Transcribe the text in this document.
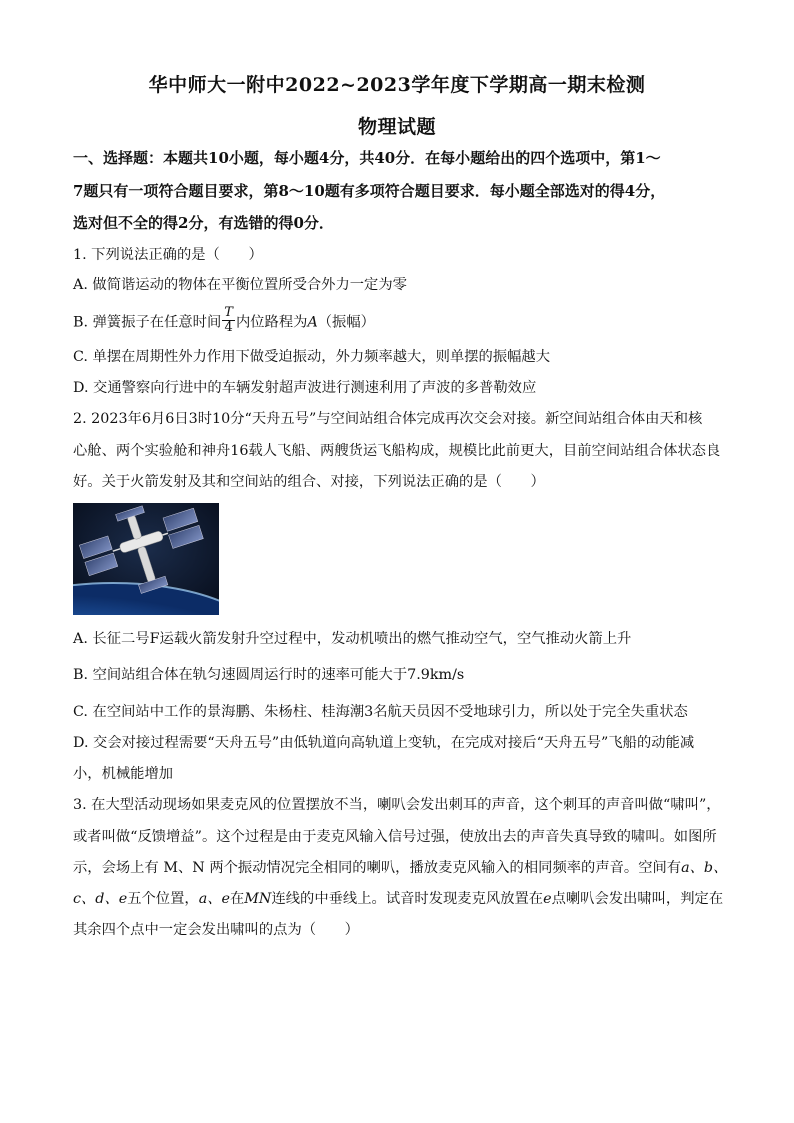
华中师大一附中2022~2023学年度下学期高一期末检测
物理试题
一、选择题：本题共10小题，每小题4分，共40分．在每小题给出的四个选项中，第1～
7题只有一项符合题目要求，第8～10题有多项符合题目要求．每小题全部选对的得4分，
选对但不全的得2分，有选错的得0分．
1. 下列说法正确的是（　　）
A. 做简谐运动的物体在平衡位置所受合外力一定为零
B. 弹簧振子在任意时间 $\frac{T}{4}$ 内位路程为A（振幅）
C. 单摆在周期性外力作用下做受迫振动，外力频率越大，则单摆的振幅越大
D. 交通警察向行进中的车辆发射超声波进行测速利用了声波的多普勒效应
2. 2023年6月6日3时10分“天舟五号”与空间站组合体完成再次交会对接。新空间站组合体由天和核
心舱、两个实验舱和神舟16载人飞船、两艘货运飞船构成，规模比此前更大，目前空间站组合体状态良
好。关于火箭发射及其和空间站的组合、对接，下列说法正确的是（　　）
A. 长征二号F运载火箭发射升空过程中，发动机喷出的燃气推动空气，空气推动火箭上升
B. 空间站组合体在轨匀速圆周运行时的速率可能大于7.9km/s
C. 在空间站中工作的景海鹏、朱杨柱、桂海潮3名航天员因不受地球引力，所以处于完全失重状态
D. 交会对接过程需要“天舟五号”由低轨道向高轨道上变轨，在完成对接后“天舟五号”飞船的动能减
小，机械能增加
3. 在大型活动现场如果麦克风的位置摆放不当，喇叭会发出刺耳的声音，这个刺耳的声音叫做“啸叫”，
或者叫做“反馈增益”。这个过程是由于麦克风输入信号过强，使放出去的声音失真导致的啸叫。如图所
示，会场上有 M、N 两个振动情况完全相同的喇叭，播放麦克风输入的相同频率的声音。空间有a、b、
c、d、e五个位置，a、e在MN连线的中垂线上。试音时发现麦克风放置在e点喇叭会发出啸叫，判定在
其余四个点中一定会发出啸叫的点为（　　）
